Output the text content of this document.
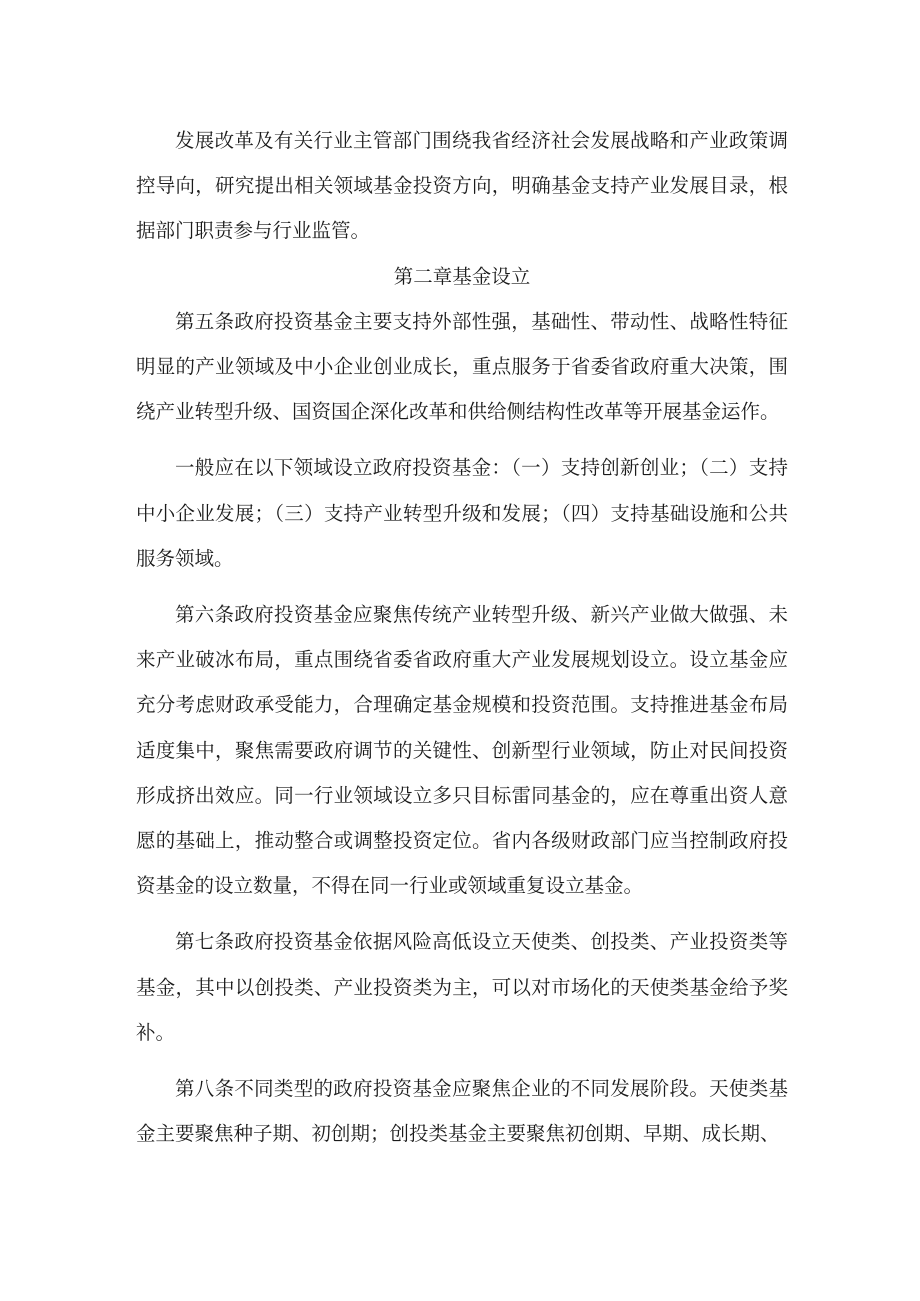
发展改革及有关行业主管部门围绕我省经济社会发展战略和产业政策调控导向，研究提出相关领域基金投资方向，明确基金支持产业发展目录，根据部门职责参与行业监管。

第二章基金设立

第五条政府投资基金主要支持外部性强，基础性、带动性、战略性特征明显的产业领域及中小企业创业成长，重点服务于省委省政府重大决策，围绕产业转型升级、国资国企深化改革和供给侧结构性改革等开展基金运作。

一般应在以下领域设立政府投资基金：（一）支持创新创业；（二）支持中小企业发展；（三）支持产业转型升级和发展；（四）支持基础设施和公共服务领域。

第六条政府投资基金应聚焦传统产业转型升级、新兴产业做大做强、未来产业破冰布局，重点围绕省委省政府重大产业发展规划设立。设立基金应充分考虑财政承受能力，合理确定基金规模和投资范围。支持推进基金布局适度集中，聚焦需要政府调节的关键性、创新型行业领域，防止对民间投资形成挤出效应。同一行业领域设立多只目标雷同基金的，应在尊重出资人意愿的基础上，推动整合或调整投资定位。省内各级财政部门应当控制政府投资基金的设立数量，不得在同一行业或领域重复设立基金。

第七条政府投资基金依据风险高低设立天使类、创投类、产业投资类等基金，其中以创投类、产业投资类为主，可以对市场化的天使类基金给予奖补。

第八条不同类型的政府投资基金应聚焦企业的不同发展阶段。天使类基金主要聚焦种子期、初创期；创投类基金主要聚焦初创期、早期、成长期、
